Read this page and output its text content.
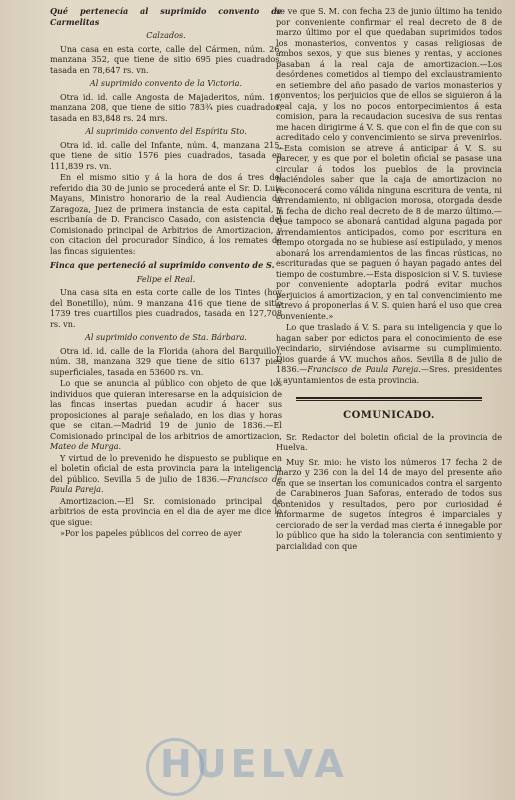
Qué pertenecía al suprimido convento de Carmelitas

Calzados.

Una casa en esta corte, calle del Cármen, núm. 26, manzana 352, que tiene de sitio 695 pies cuadrados, tasada en 78,647 rs. vn.

Al suprimido convento de la Victoria.

Otra id. id. calle Angosta de Majaderitos, núm. 10, manzana 208, que tiene de sitio 783¾ pies cuadrados, tasada en 83,848 rs. 24 mrs.

Al suprimido convento del Espíritu Sto.

Otra id. id. calle del Infante, núm. 4, manzana 215, que tiene de sitio 1576 pies cuadrados, tasada en 111,839 rs. vn.

En el mismo sitio y á la hora de dos á tres del referido dia 30 de junio se procederá ante el Sr. D. Luis Mayans, Ministro honorario de la real Audiencia de Zaragoza, Juez de primera instancia de esta capital, y escribanía de D. Francisco Casado, con asistencia del Comisionado principal de Arbitrios de Amortizacion, y con citacion del procurador Síndico, á los remates de las fincas siguientes:

Finca que perteneció al suprimido convento de S.

Felipe el Real.

Una casa sita en esta corte calle de los Tintes (hoy del Bonetillo), núm. 9 manzana 416 que tiene de sitio 1739 tres cuartillos pies cuadrados, tasada en 127,708 rs. vn.

Al suprimido convento de Sta. Bárbara.

Otra id. id. calle de la Florida (ahora del Barquillo), núm. 38, manzana 329 que tiene de sitio 6137 pies superficiales, tasada en 53600 rs. vn.

Lo que se anuncia al público con objeto de que los individuos que quieran interesarse en la adquisicion de las fincas insertas puedan acudir á hacer sus proposiciones al paraje señalado, en los dias y horas que se citan.—Madrid 19 de junio de 1836.—El Comisionado principal de los arbitrios de amortizacion, Mateo de Murga.

Y virtud de lo prevenido he dispuesto se publique en el boletin oficial de esta provincia para la inteligencia del público. Sevilla 5 de julio de 1836.—Francisco de Paula Pareja.

Amortizacion.—El Sr. comisionado principal de arbitrios de esta provincia en el dia de ayer me dice lo que sigue:

»Por los papeles públicos del correo de ayer

se ve que S. M. con fecha 23 de junio último ha tenido por conveniente confirmar el real decreto de 8 de marzo último por el que quedaban suprimidos todos los monasterios, conventos y casas religiosas de ambos sexos, y que sus bienes y rentas, y acciones pasaban á la real caja de amortizacion.—Los desórdenes cometidos al tiempo del exclaustramiento en setiembre del año pasado de varios monasterios y conventos; los perjuicios que de ellos se siguieron á la real caja, y los no pocos entorpecimientos á esta comision, para la recaudacion sucesiva de sus rentas me hacen dirigirme á V. S. que con el fin de que con su acreditado celo y convencimiento se sirva prevenirlos.—Esta comision se atreve á anticipar á V. S. su parecer, y es que por el boletin oficial se pasase una circular á todos los pueblos de la provincia haciéndoles saber que la caja de amortizacion no reconocerá como válida ninguna escritura de venta, ni arrendamiento, ni obligacion morosa, otorgada desde la fecha de dicho real decreto de 8 de marzo último.—Que tampoco se abonará cantidad alguna pagada por arrendamientos anticipados, como por escritura en tiempo otorgada no se hubiese así estipulado, y menos abonará los arrendamientos de las fincas rústicas, no escrituradas que se paguen ó hayan pagado antes del tiempo de costumbre.—Esta disposicion si V. S. tuviese por conveniente adoptarla podrá evitar muchos perjuicios á amortizacion, y en tal convencimiento me atrevo á proponerlas á V. S. quien hará el uso que crea conveniente.»

Lo que traslado á V. S. para su inteligencia y que lo hagan saber por edictos para el conocimiento de ese vecindario, sirviéndose avisarme su cumplimiento. Dios guarde á VV. muchos años. Sevilla 8 de julio de 1836.—Francisco de Paula Pareja.—Sres. presidentes y ayuntamientos de esta provincia.

COMUNICADO.

Sr. Redactor del boletin oficial de la provincia de Huelva.

Muy Sr. mio: he visto los números 17 fecha 2 de marzo y 236 con la del 14 de mayo del presente año en que se insertan los comunicados contra el sargento de Carabineros Juan Saforas, enterado de todos sus contenidos y resultados, pero por curiosidad é informarme de sugetos íntegros é imparciales y cerciorado de ser la verdad mas cierta é innegable por lo público que ha sido la tolerancia con sentimiento y parcialidad con que

HUELVA
